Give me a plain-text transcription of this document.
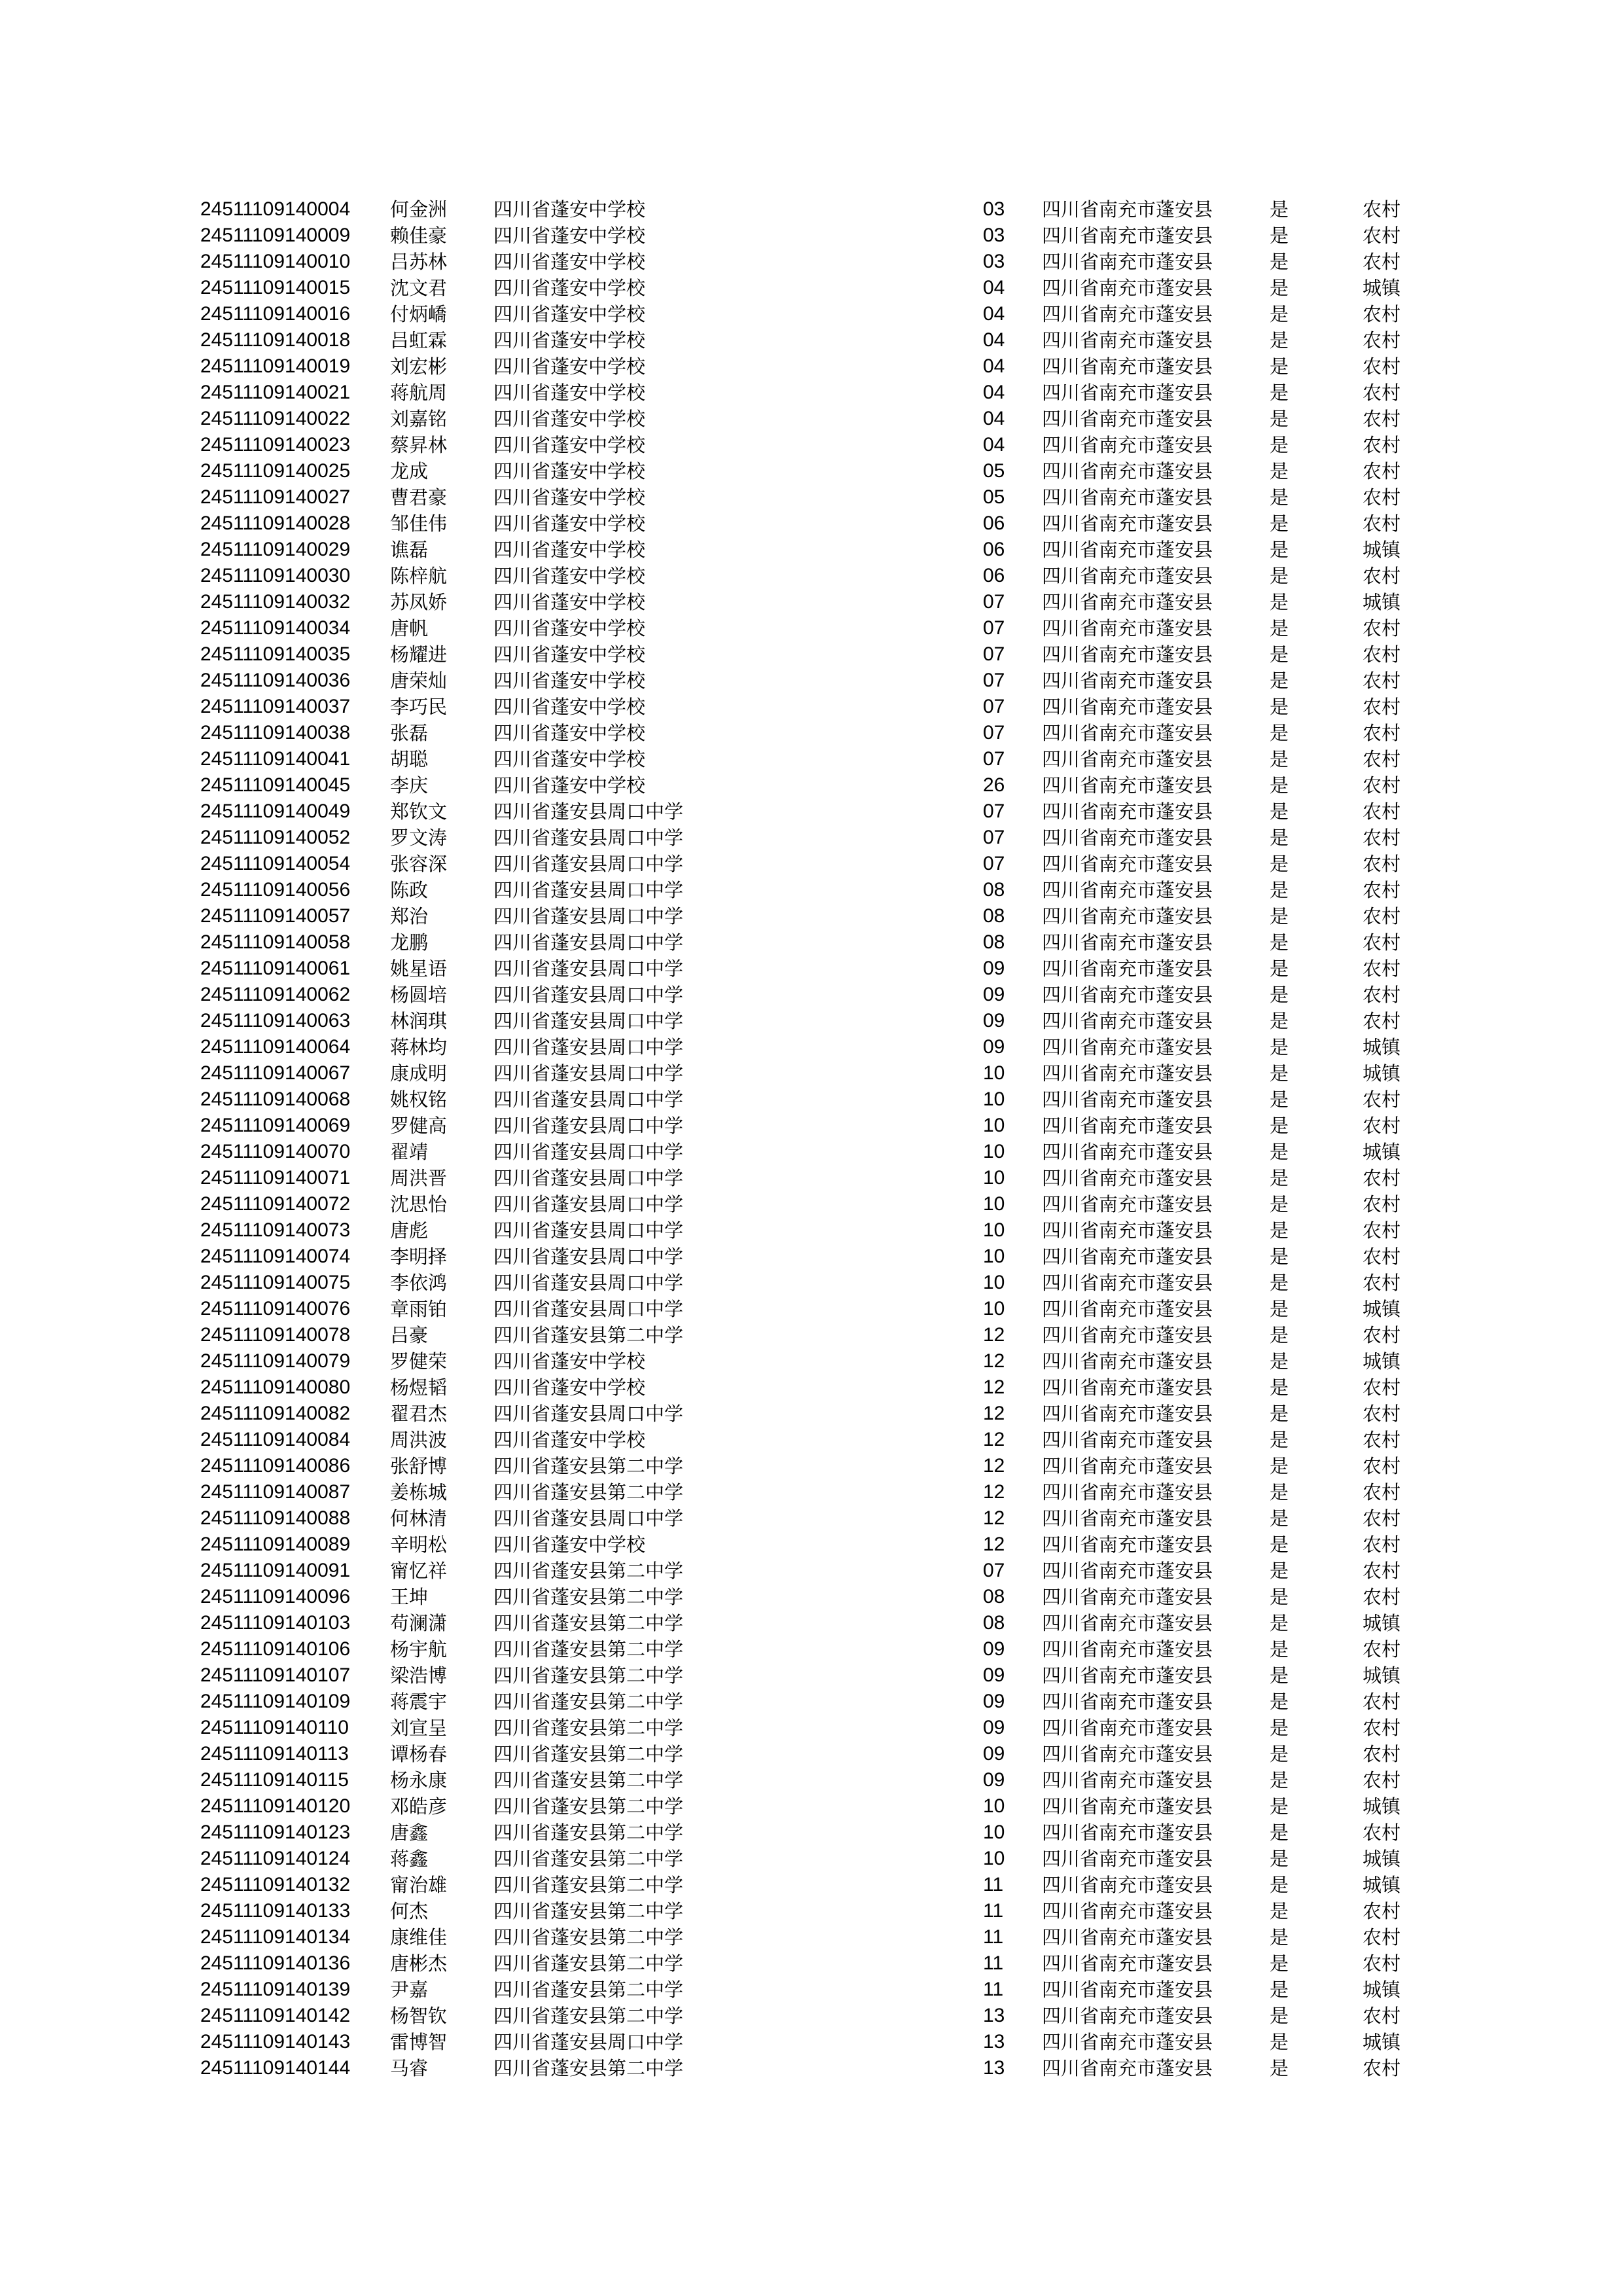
24511109140004 何金洲 四川省蓬安中学校	03 四川省南充市蓬安县	是	农村
24511109140009 赖佳豪 四川省蓬安中学校	03 四川省南充市蓬安县	是	农村
24511109140010 吕苏林 四川省蓬安中学校	03 四川省南充市蓬安县	是	农村
24511109140015 沈文君 四川省蓬安中学校	04 四川省南充市蓬安县	是	城镇
24511109140016 付炳嶠 四川省蓬安中学校	04 四川省南充市蓬安县	是	农村
24511109140018 吕虹霖 四川省蓬安中学校	04 四川省南充市蓬安县	是	农村
24511109140019 刘宏彬 四川省蓬安中学校	04 四川省南充市蓬安县	是	农村
24511109140021 蒋航周 四川省蓬安中学校	04 四川省南充市蓬安县	是	农村
24511109140022 刘嘉铭 四川省蓬安中学校	04 四川省南充市蓬安县	是	农村
24511109140023 蔡昇林 四川省蓬安中学校	04 四川省南充市蓬安县	是	农村
24511109140025 龙成	四川省蓬安中学校	05 四川省南充市蓬安县	是	农村
24511109140027 曹君豪 四川省蓬安中学校	05 四川省南充市蓬安县	是	农村
24511109140028 邹佳伟 四川省蓬安中学校	06 四川省南充市蓬安县	是	农村
24511109140029 谯磊	四川省蓬安中学校	06 四川省南充市蓬安县	是	城镇
24511109140030 陈梓航 四川省蓬安中学校	06 四川省南充市蓬安县	是	农村
24511109140032 苏凤娇 四川省蓬安中学校	07 四川省南充市蓬安县	是	城镇
24511109140034 唐帆	四川省蓬安中学校	07 四川省南充市蓬安县	是	农村
24511109140035 杨耀进 四川省蓬安中学校	07 四川省南充市蓬安县	是	农村
24511109140036 唐荣灿 四川省蓬安中学校	07 四川省南充市蓬安县	是	农村
24511109140037 李巧民 四川省蓬安中学校	07 四川省南充市蓬安县	是	农村
24511109140038 张磊	四川省蓬安中学校	07 四川省南充市蓬安县	是	农村
24511109140041 胡聪	四川省蓬安中学校	07 四川省南充市蓬安县	是	农村
24511109140045 李庆	四川省蓬安中学校	26 四川省南充市蓬安县	是	农村
24511109140049 郑钦文 四川省蓬安县周口中学	07 四川省南充市蓬安县	是	农村
24511109140052 罗文涛 四川省蓬安县周口中学	07 四川省南充市蓬安县	是	农村
24511109140054 张容深 四川省蓬安县周口中学	07 四川省南充市蓬安县	是	农村
24511109140056 陈政	四川省蓬安县周口中学	08 四川省南充市蓬安县	是	农村
24511109140057 郑治	四川省蓬安县周口中学	08 四川省南充市蓬安县	是	农村
24511109140058 龙鹏	四川省蓬安县周口中学	08 四川省南充市蓬安县	是	农村
24511109140061 姚星语 四川省蓬安县周口中学	09 四川省南充市蓬安县	是	农村
24511109140062 杨圆培 四川省蓬安县周口中学	09 四川省南充市蓬安县	是	农村
24511109140063 林润琪 四川省蓬安县周口中学	09 四川省南充市蓬安县	是	农村
24511109140064 蒋林均 四川省蓬安县周口中学	09 四川省南充市蓬安县	是	城镇
24511109140067 康成明 四川省蓬安县周口中学	10 四川省南充市蓬安县	是	城镇
24511109140068 姚权铭 四川省蓬安县周口中学	10 四川省南充市蓬安县	是	农村
24511109140069 罗健高 四川省蓬安县周口中学	10 四川省南充市蓬安县	是	农村
24511109140070 翟靖	四川省蓬安县周口中学	10 四川省南充市蓬安县	是	城镇
24511109140071 周洪晋 四川省蓬安县周口中学	10 四川省南充市蓬安县	是	农村
24511109140072 沈思怡 四川省蓬安县周口中学	10 四川省南充市蓬安县	是	农村
24511109140073 唐彪	四川省蓬安县周口中学	10 四川省南充市蓬安县	是	农村
24511109140074 李明择 四川省蓬安县周口中学	10 四川省南充市蓬安县	是	农村
24511109140075 李依鸿 四川省蓬安县周口中学	10 四川省南充市蓬安县	是	农村
24511109140076 章雨铂 四川省蓬安县周口中学	10 四川省南充市蓬安县	是	城镇
24511109140078 吕豪	四川省蓬安县第二中学	12 四川省南充市蓬安县	是	农村
24511109140079 罗健荣 四川省蓬安中学校	12 四川省南充市蓬安县	是	城镇
24511109140080 杨煜韬 四川省蓬安中学校	12 四川省南充市蓬安县	是	农村
24511109140082 翟君杰 四川省蓬安县周口中学	12 四川省南充市蓬安县	是	农村
24511109140084 周洪波 四川省蓬安中学校	12 四川省南充市蓬安县	是	农村
24511109140086 张舒博 四川省蓬安县第二中学	12 四川省南充市蓬安县	是	农村
24511109140087 姜栋城 四川省蓬安县第二中学	12 四川省南充市蓬安县	是	农村
24511109140088 何林清 四川省蓬安县周口中学	12 四川省南充市蓬安县	是	农村
24511109140089 辛明松 四川省蓬安中学校	12 四川省南充市蓬安县	是	农村
24511109140091 甯忆祥 四川省蓬安县第二中学	07 四川省南充市蓬安县	是	农村
24511109140096 王坤	四川省蓬安县第二中学	08 四川省南充市蓬安县	是	农村
24511109140103 苟澜潇 四川省蓬安县第二中学	08 四川省南充市蓬安县	是	城镇
24511109140106 杨宇航 四川省蓬安县第二中学	09 四川省南充市蓬安县	是	农村
24511109140107 梁浩博 四川省蓬安县第二中学	09 四川省南充市蓬安县	是	城镇
24511109140109 蒋震宇 四川省蓬安县第二中学	09 四川省南充市蓬安县	是	农村
24511109140110 刘宣呈 四川省蓬安县第二中学	09 四川省南充市蓬安县	是	农村
24511109140113 谭杨春 四川省蓬安县第二中学	09 四川省南充市蓬安县	是	农村
24511109140115 杨永康 四川省蓬安县第二中学	09 四川省南充市蓬安县	是	农村
24511109140120 邓皓彦 四川省蓬安县第二中学	10 四川省南充市蓬安县	是	城镇
24511109140123 唐鑫	四川省蓬安县第二中学	10 四川省南充市蓬安县	是	农村
24511109140124 蒋鑫	四川省蓬安县第二中学	10 四川省南充市蓬安县	是	城镇
24511109140132 甯治雄 四川省蓬安县第二中学	11 四川省南充市蓬安县	是	城镇
24511109140133 何杰	四川省蓬安县第二中学	11 四川省南充市蓬安县	是	农村
24511109140134 康维佳 四川省蓬安县第二中学	11 四川省南充市蓬安县	是	农村
24511109140136 唐彬杰 四川省蓬安县第二中学	11 四川省南充市蓬安县	是	农村
24511109140139 尹嘉	四川省蓬安县第二中学	11 四川省南充市蓬安县	是	城镇
24511109140142 杨智钦 四川省蓬安县第二中学	13 四川省南充市蓬安县	是	农村
24511109140143 雷博智 四川省蓬安县周口中学	13 四川省南充市蓬安县	是	城镇
24511109140144 马睿	四川省蓬安县第二中学	13 四川省南充市蓬安县	是	农村
